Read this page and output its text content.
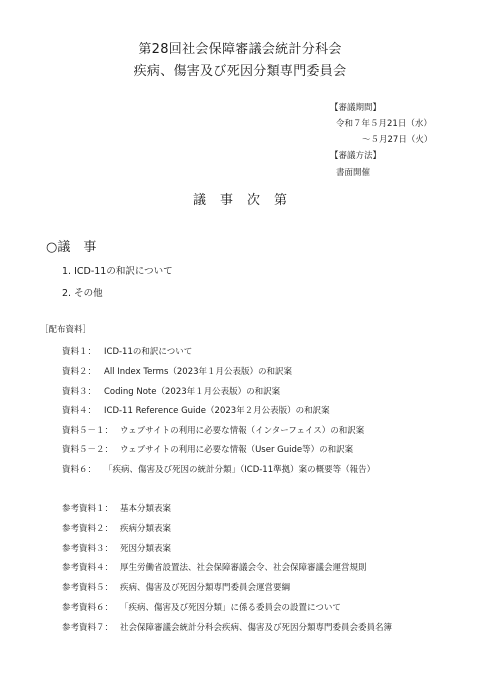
第28回社会保障審議会統計分科会
疾病、傷害及び死因分類専門委員会
【審議期間】
令和７年５月21日（水）
～５月27日（火）
【審議方法】
書面開催
議事次第
○議　事
1. ICD-11の和訳について
2. その他
［配布資料］
資料１： ICD-11の和訳について
資料２： All Index Terms（2023年１月公表版）の和訳案
資料３： Coding Note（2023年１月公表版）の和訳案
資料４： ICD-11 Reference Guide（2023年２月公表版）の和訳案
資料５－１： ウェブサイトの利用に必要な情報（インターフェイス）の和訳案
資料５－２： ウェブサイトの利用に必要な情報（User Guide等）の和訳案
資料６： 「疾病、傷害及び死因の統計分類」（ICD-11準拠）案の概要等（報告）
参考資料１： 基本分類表案
参考資料２： 疾病分類表案
参考資料３： 死因分類表案
参考資料４： 厚生労働省設置法、社会保障審議会令、社会保障審議会運営規則
参考資料５： 疾病、傷害及び死因分類専門委員会運営要綱
参考資料６： 「疾病、傷害及び死因分類」に係る委員会の設置について
参考資料７： 社会保障審議会統計分科会疾病、傷害及び死因分類専門委員会委員名簿
